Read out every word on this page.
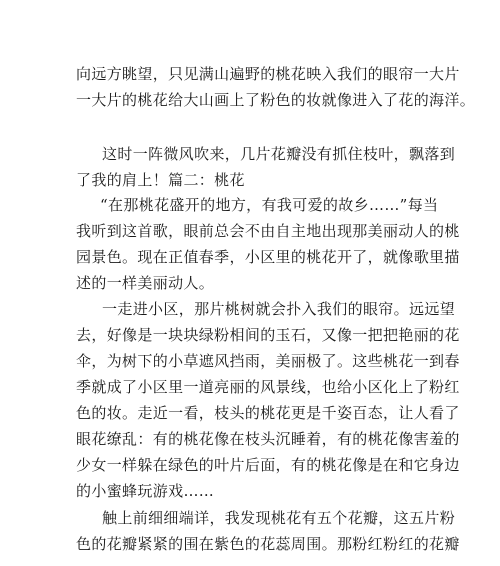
向远方眺望，只见满山遍野的桃花映入我们的眼帘一大片
一大片的桃花给大山画上了粉色的妆就像进入了花的海洋。
这时一阵微风吹来，几片花瓣没有抓住枝叶，飘落到
了我的肩上！篇二：桃花
“在那桃花盛开的地方，有我可爱的故乡……”每当
我听到这首歌，眼前总会不由自主地出现那美丽动人的桃
园景色。现在正值春季，小区里的桃花开了，就像歌里描
述的一样美丽动人。
一走进小区，那片桃树就会扑入我们的眼帘。远远望
去，好像是一块块绿粉相间的玉石，又像一把把艳丽的花
伞，为树下的小草遮风挡雨，美丽极了。这些桃花一到春
季就成了小区里一道亮丽的风景线，也给小区化上了粉红
色的妆。走近一看，枝头的桃花更是千姿百态，让人看了
眼花缭乱：有的桃花像在枝头沉睡着，有的桃花像害羞的
少女一样躲在绿色的叶片后面，有的桃花像是在和它身边
的小蜜蜂玩游戏……
触上前细细端详，我发现桃花有五个花瓣，这五片粉
色的花瓣紧紧的围在紫色的花蕊周围。那粉红粉红的花瓣
